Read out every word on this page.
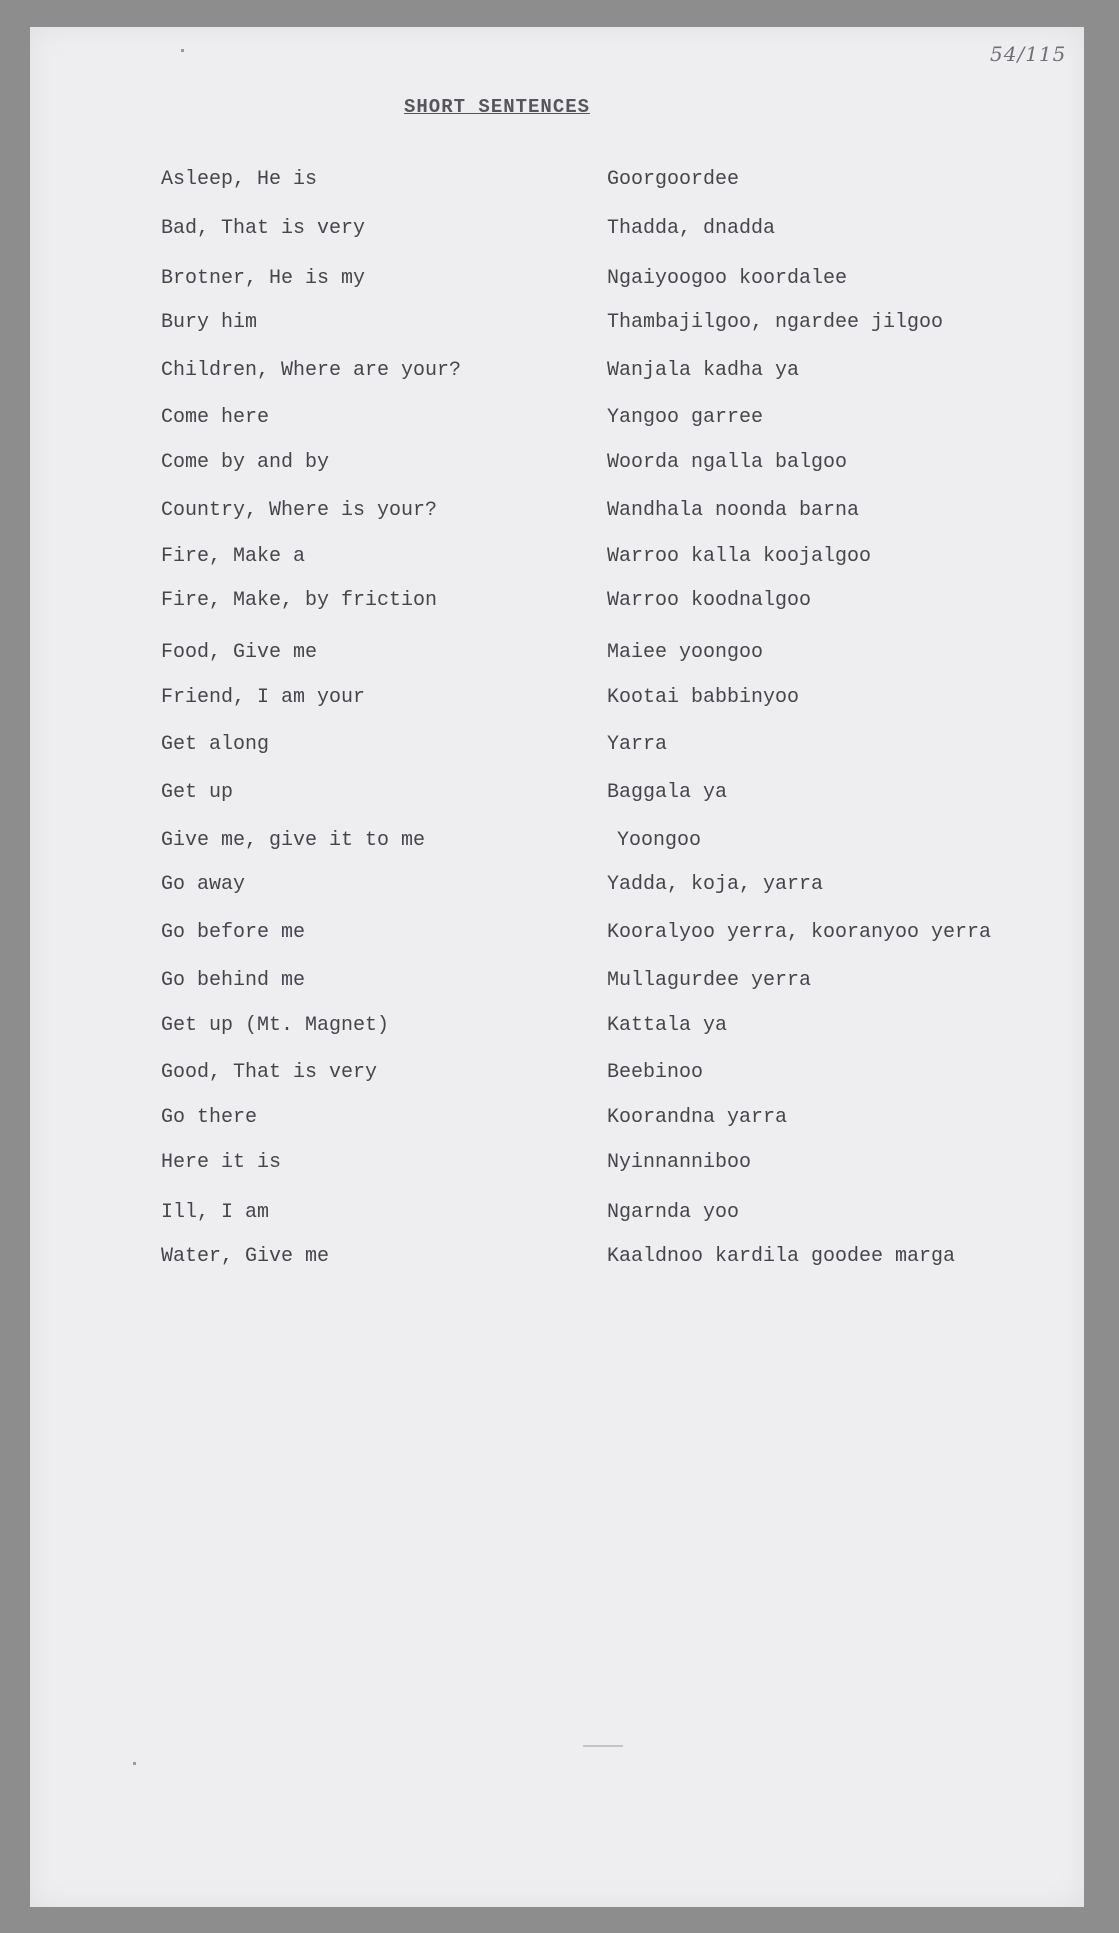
54/115
SHORT SENTENCES
Asleep, He is	Goorgoordee
Bad, That is very	Thadda, dnadda
Brotner, He is my	Ngaiyoogoo koordalee
Bury him	Thambajilgoo, ngardee jilgoo
Children, Where are your?	Wanjala kadha ya
Come here	Yangoo garree
Come by and by	Woorda ngalla balgoo
Country, Where is your?	Wandhala noonda barna
Fire, Make a	Warroo kalla koojalgoo
Fire, Make, by friction	Warroo koodnalgoo
Food, Give me	Maiee yoongoo
Friend, I am your	Kootai babbinyoo
Get along	Yarra
Get up	Baggala ya
Give me, give it to me	Yoongoo
Go away	Yadda, koja, yarra
Go before me	Kooralyoo yerra, kooranyoo yerra
Go behind me	Mullagurdee yerra
Get up (Mt. Magnet)	Kattala ya
Good, That is very	Beebinoo
Go there	Koorandna yarra
Here it is	Nyinnanniboo
Ill, I am	Ngarnda yoo
Water, Give me	Kaaldnoo kardila goodee marga
